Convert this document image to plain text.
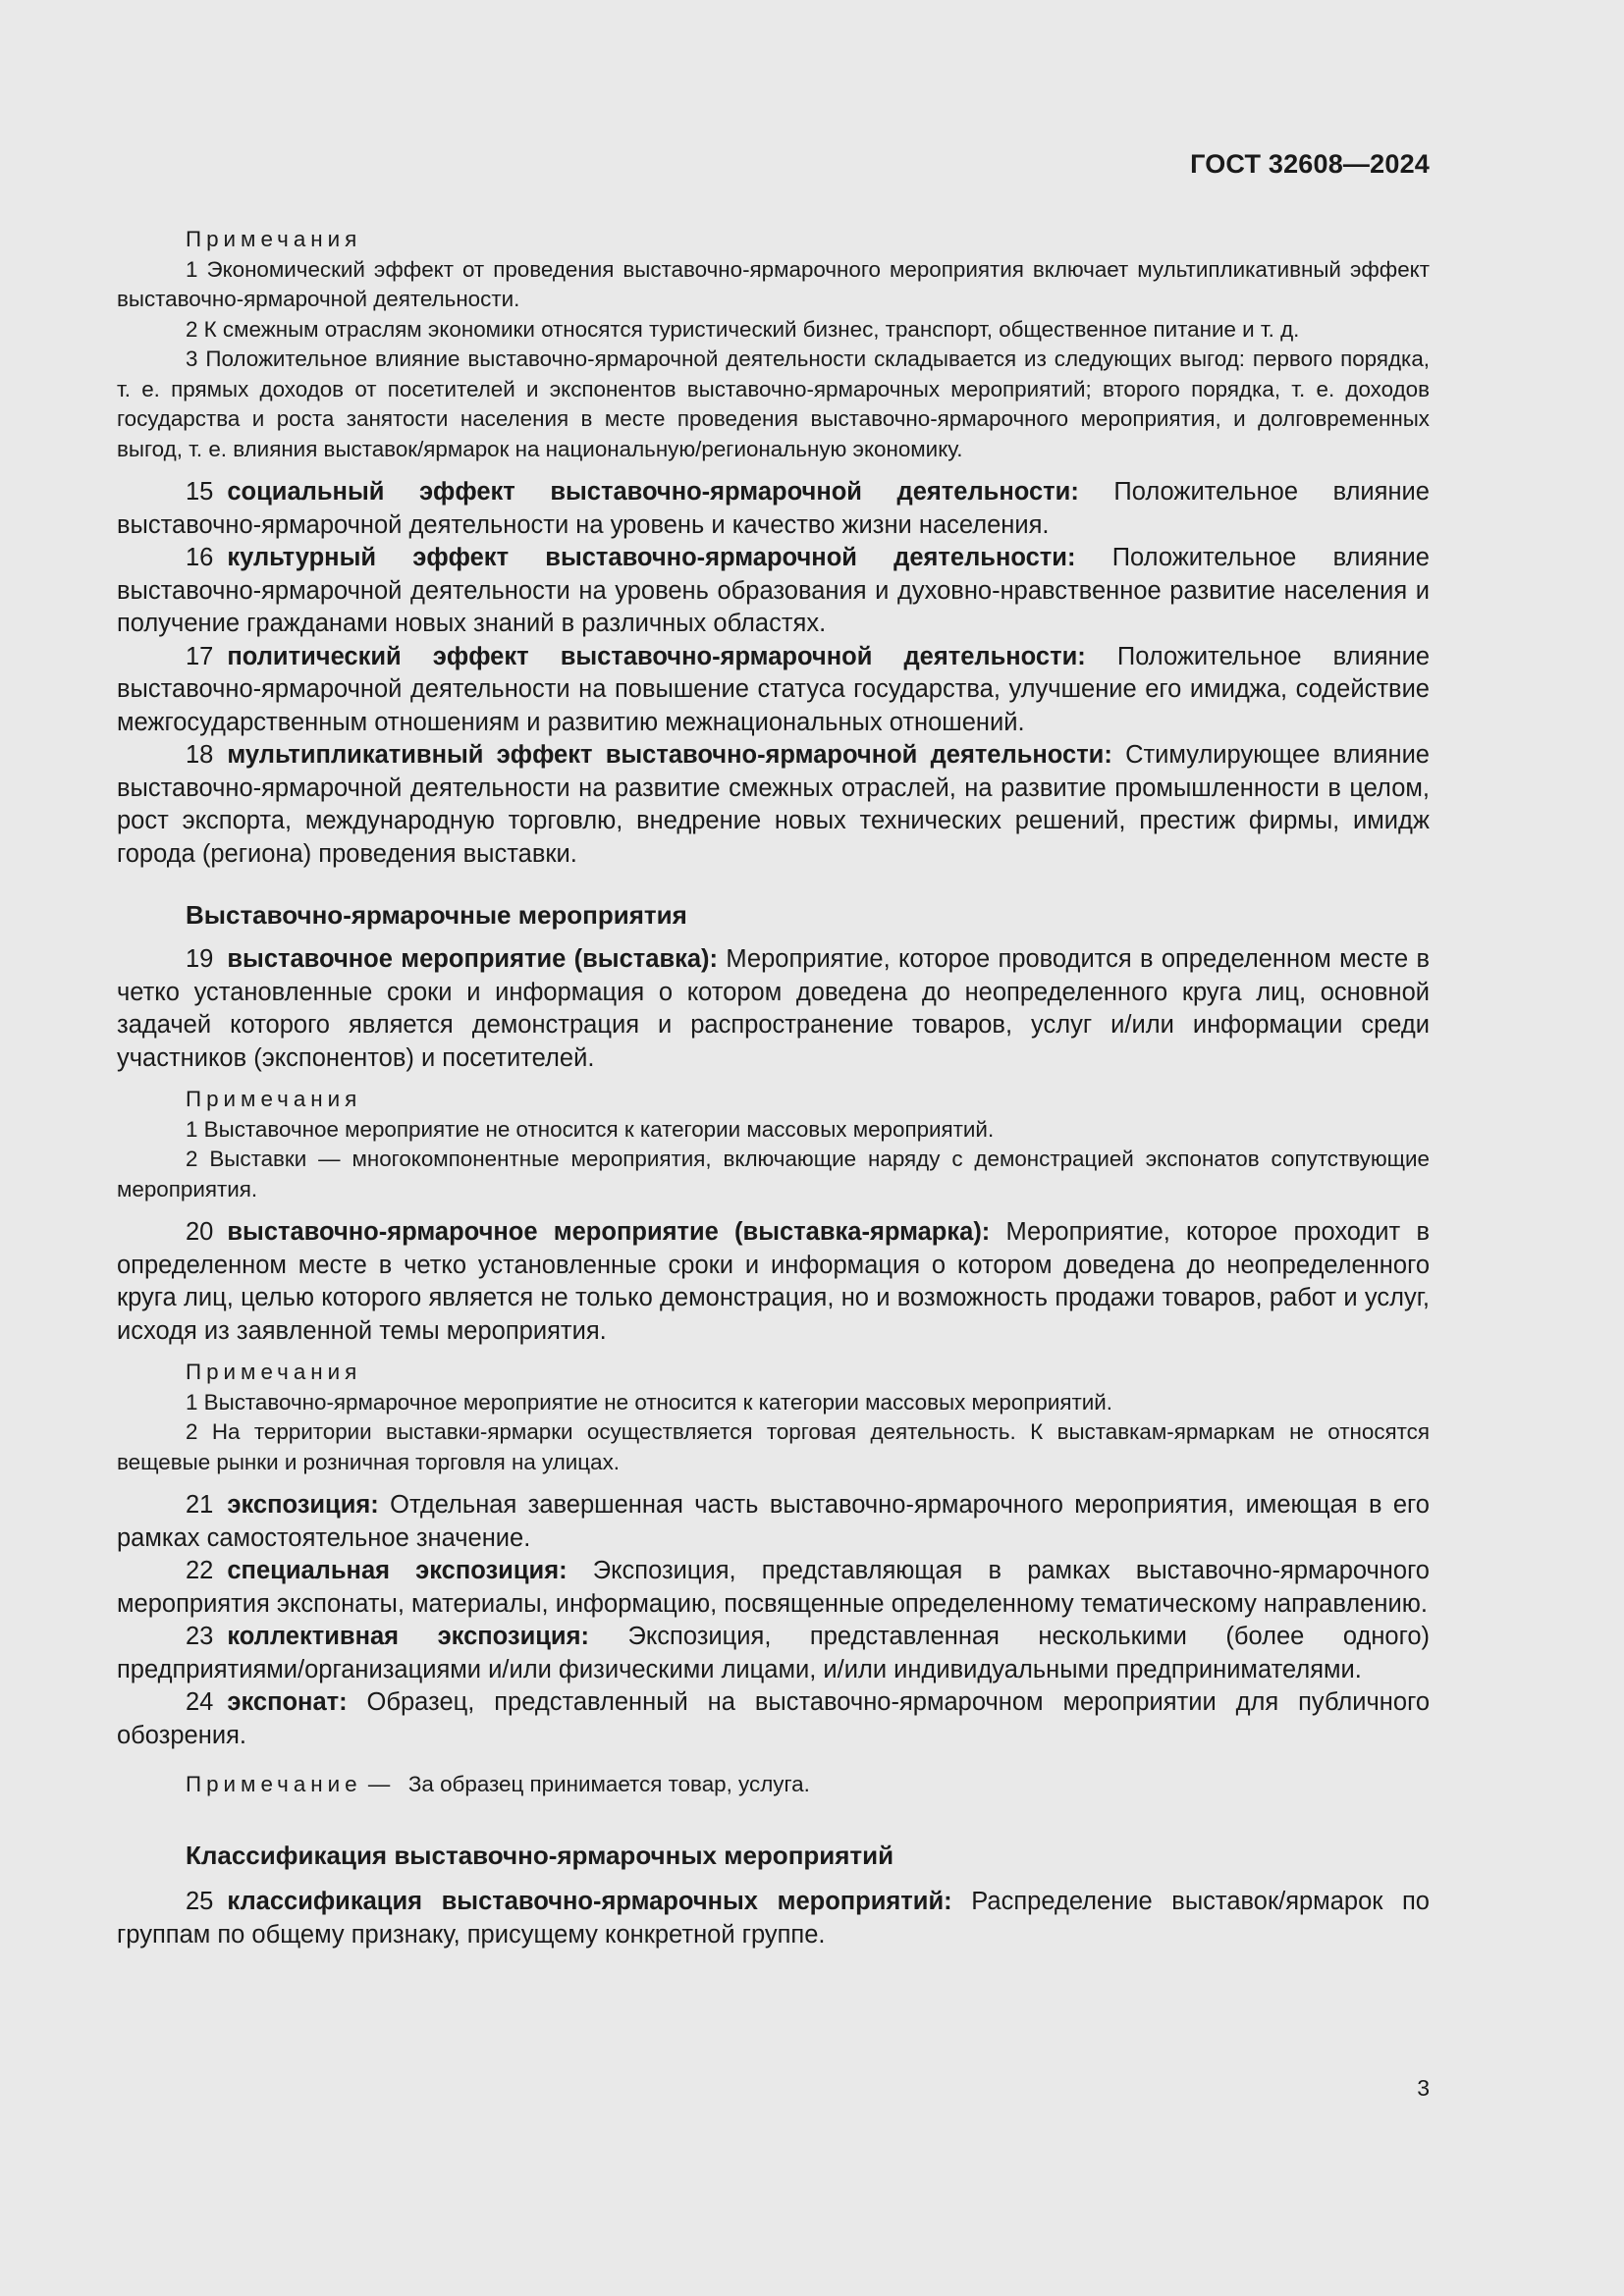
ГОСТ 32608—2024

Примечания

1 Экономический эффект от проведения выставочно-ярмарочного мероприятия включает мультипликативный эффект выставочно-ярмарочной деятельности.

2 К смежным отраслям экономики относятся туристический бизнес, транспорт, общественное питание и т. д.

3 Положительное влияние выставочно-ярмарочной деятельности складывается из следующих выгод: первого порядка, т. е. прямых доходов от посетителей и экспонентов выставочно-ярмарочных мероприятий; второго порядка, т. е. доходов государства и роста занятости населения в месте проведения выставочно-ярмарочного мероприятия, и долговременных выгод, т. е. влияния выставок/ярмарок на национальную/региональную экономику.

15 социальный эффект выставочно-ярмарочной деятельности: Положительное влияние выставочно-ярмарочной деятельности на уровень и качество жизни населения.

16 культурный эффект выставочно-ярмарочной деятельности: Положительное влияние выставочно-ярмарочной деятельности на уровень образования и духовно-нравственное развитие населения и получение гражданами новых знаний в различных областях.

17 политический эффект выставочно-ярмарочной деятельности: Положительное влияние выставочно-ярмарочной деятельности на повышение статуса государства, улучшение его имиджа, содействие межгосударственным отношениям и развитию межнациональных отношений.

18 мультипликативный эффект выставочно-ярмарочной деятельности: Стимулирующее влияние выставочно-ярмарочной деятельности на развитие смежных отраслей, на развитие промышленности в целом, рост экспорта, международную торговлю, внедрение новых технических решений, престиж фирмы, имидж города (региона) проведения выставки.

Выставочно-ярмарочные мероприятия

19 выставочное мероприятие (выставка): Мероприятие, которое проводится в определенном месте в четко установленные сроки и информация о котором доведена до неопределенного круга лиц, основной задачей которого является демонстрация и распространение товаров, услуг и/или информации среди участников (экспонентов) и посетителей.

Примечания

1 Выставочное мероприятие не относится к категории массовых мероприятий.

2 Выставки — многокомпонентные мероприятия, включающие наряду с демонстрацией экспонатов сопутствующие мероприятия.

20 выставочно-ярмарочное мероприятие (выставка-ярмарка): Мероприятие, которое проходит в определенном месте в четко установленные сроки и информация о котором доведена до неопределенного круга лиц, целью которого является не только демонстрация, но и возможность продажи товаров, работ и услуг, исходя из заявленной темы мероприятия.

Примечания

1 Выставочно-ярмарочное мероприятие не относится к категории массовых мероприятий.

2 На территории выставки-ярмарки осуществляется торговая деятельность. К выставкам-ярмаркам не относятся вещевые рынки и розничная торговля на улицах.

21 экспозиция: Отдельная завершенная часть выставочно-ярмарочного мероприятия, имеющая в его рамках самостоятельное значение.

22 специальная экспозиция: Экспозиция, представляющая в рамках выставочно-ярмарочного мероприятия экспонаты, материалы, информацию, посвященные определенному тематическому направлению.

23 коллективная экспозиция: Экспозиция, представленная несколькими (более одного) предприятиями/организациями и/или физическими лицами, и/или индивидуальными предпринимателями.

24 экспонат: Образец, представленный на выставочно-ярмарочном мероприятии для публичного обозрения.

Примечание — За образец принимается товар, услуга.

Классификация выставочно-ярмарочных мероприятий

25 классификация выставочно-ярмарочных мероприятий: Распределение выставок/ярмарок по группам по общему признаку, присущему конкретной группе.

3
